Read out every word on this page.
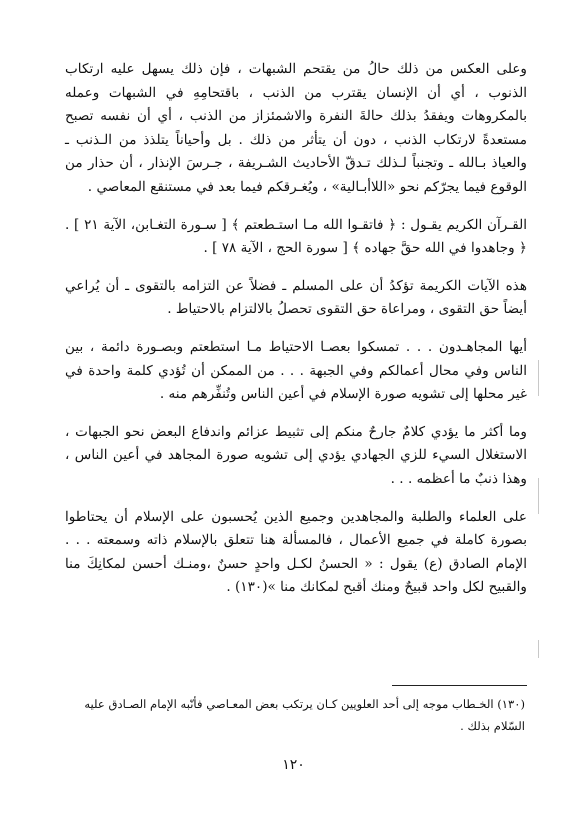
وعلى العكس من ذلك حالُ من يقتحم الشبهات ، فإن ذلك يسهل عليه ارتكاب الذنوب ، أي أن الإنسان يقترب من الذنب ، باقتحامِهِ في الشبهات وعمله بالمكروهات ويفقدُ بذلك حالةَ النفرة والاشمئزاز من الذنب ، أي أن نفسه تصبح مستعدةً لارتكاب الذنب ، دون أن يتأثر من ذلك . بل وأحياناً يتلذذ من الـذنب ـ والعياذ بـالله ـ وتجنباً لـذلك تـدقّ الأحاديث الشـريفة ، جـرسَ الإنذار ، أن حذار من الوقوع فيما يجرّكم نحو «اللاأبـالية» ، ويُغـرقكم فيما بعد في مستنقع المعاصي .

القـرآن الكريم يقـول : ﴿ فاتقـوا الله مـا استـطعتم ﴾ [ سـورة التغـابن، الآية ٢١ ] . ﴿ وجاهدوا في الله حقَّ جهاده ﴾ [ سورة الحج ، الآية ٧٨ ] .

هذه الآيات الكريمة تؤكدُ أن على المسلم ـ فضلاً عن التزامه بالتقوى ـ أن يُراعي أيضاً حق التقوى ، ومراعاة حق التقوى تحصلُ بالالتزام بالاحتياط .

أيها المجاهـدون . . . تمسكوا بعصـا الاحتياط مـا استطعتم وبصـورة دائمة ، بين الناس وفي محال أعمالكم وفي الجبهة . . . من الممكن أن تُؤدي كلمة واحدة في غير محلها إلى تشويه صورة الإسلام في أعين الناس وتُنفِّرهم منه .

وما أكثر ما يؤدي كلامٌ جارحٌ منكم إلى تثبيط عزائم واندفاع البعض نحو الجبهات ، الاستغلال السيء للزي الجهادي يؤدي إلى تشويه صورة المجاهد في أعين الناس ، وهذا ذنبٌ ما أعظمه . . .

على العلماء والطلبة والمجاهدين وجميع الذين يُحسبون على الإسلام أن يحتاطوا بصورة كاملة في جميع الأعمال ، فالمسألة هنا تتعلق بالإسلام ذاته وسمعته . . . الإمام الصادق (ع) يقول : « الحسنُ لكـل واحدٍ حسنٌ ،ومنـك أحسن لمكانِكَ منا والقبيح لكل واحد قبيحٌ ومنك أقبح لمكانك منا »(١٣٠) .

(١٣٠) الخـطاب موجه إلى أحد العلويين كـان يرتكب بعض المعـاصي فأنّبه الإمام الصـادق عليه السّلام بذلك .

١٢٠
